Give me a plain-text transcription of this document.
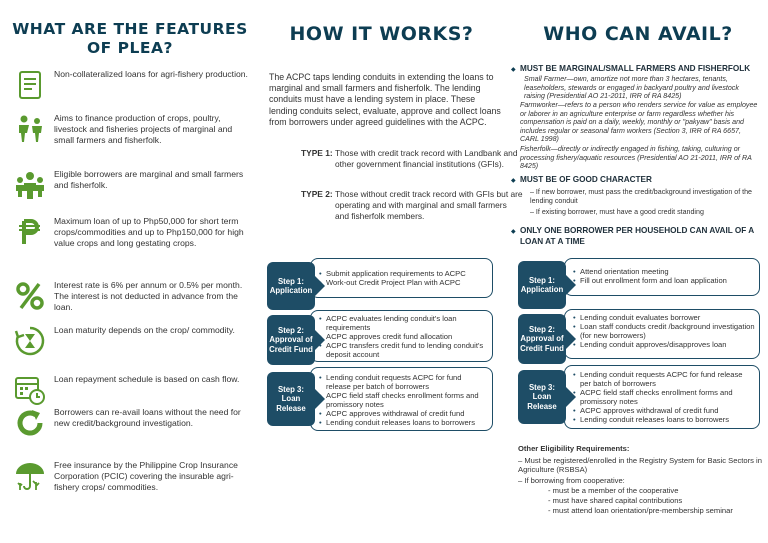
WHAT ARE THE FEATURES
OF PLEA?
Non-collateralized loans for agri-fishery production.
Aims to finance production of crops, poultry, livestock and fisheries projects of marginal and small farmers and fisherfolk.
Eligible borrowers are marginal and small farmers and fisherfolk.
Maximum loan of up to Php50,000 for short term crops/commodities and up to Php150,000 for high value crops and long gestating crops.
Interest rate is 6% per annum or 0.5% per month. The interest is not deducted in advance from the loan.
Loan maturity depends on the crop/ commodity.
Loan repayment schedule is based on cash flow.
Borrowers can re-avail loans without the need for new credit/background investigation.
Free insurance by the Philippine Crop Insurance Corporation (PCIC) covering the insurable agri-fishery crops/ commodities.
HOW IT WORKS?
The ACPC taps lending conduits in extending the loans to marginal and small farmers and fisherfolk. The lending conduits must have a lending system in place. These lending conduits select, evaluate, approve and collect loans from borrowers under agreed guidelines with the ACPC.
TYPE 1: Those with credit track record with Landbank and other government financial institutions (GFIs).
TYPE 2: Those without credit track record with GFIs but are operating and with marginal and small farmers and fisherfolk members.
• Submit application requirements to ACPC
• Work-out Credit Project Plan with ACPC
Step 1:
Application
• ACPC evaluates lending conduit's loan requirements
• ACPC approves credit fund allocation
• ACPC transfers credit fund to lending conduit's deposit account
Step 2:
Approval of
Credit Fund
• Lending conduit requests ACPC for fund release per batch of borrowers
• ACPC field staff checks enrollment forms and promissory notes
• ACPC approves withdrawal of credit fund
• Lending conduit releases loans to borrowers
Step 3:
Loan
Release
WHO CAN AVAIL?
◆ MUST BE MARGINAL/SMALL FARMERS AND FISHERFOLK
Small Farmer—own, amortize not more than 3 hectares, tenants, leaseholders, stewards or engaged in backyard poultry and livestock raising (Presidential AO 21-2011, IRR of RA 8425)
Farmworker—refers to a person who renders service for value as employee or laborer in an agriculture enterprise or farm regardless whether his compensation is paid on a daily, weekly, monthly or "pakyaw" basis and includes regular or seasonal farm workers (Section 3, IRR of RA 6657, CARL 1998)
Fisherfolk—directly or indirectly engaged in fishing, taking, culturing or processing fishery/aquatic resources (Presidential AO 21-2011, IRR of RA 8425)
◆ MUST BE OF GOOD CHARACTER
– If new borrower, must pass the credit/background investigation of the lending conduit
– If existing borrower, must have a good credit standing
◆ ONLY ONE BORROWER PER HOUSEHOLD CAN AVAIL OF A LOAN AT A TIME
• Attend orientation meeting
• Fill out enrollment form and loan application
Step 1:
Application
• Lending conduit evaluates borrower
• Loan staff conducts credit /background investigation (for new borrowers)
• Lending conduit approves/disapproves loan
Step 2:
Approval of
Credit Fund
• Lending conduit requests ACPC for fund release per batch of borrowers
• ACPC field staff checks enrollment forms and promissory notes
• ACPC approves withdrawal of credit fund
• Lending conduit releases loans to borrowers
Step 3:
Loan
Release
Other Eligibility Requirements:
– Must be registered/enrolled in the Registry System for Basic Sectors in Agriculture (RSBSA)
– If borrowing from cooperative:
- must be a member of the cooperative
- must have shared capital contributions
- must attend loan orientation/pre-membership seminar
